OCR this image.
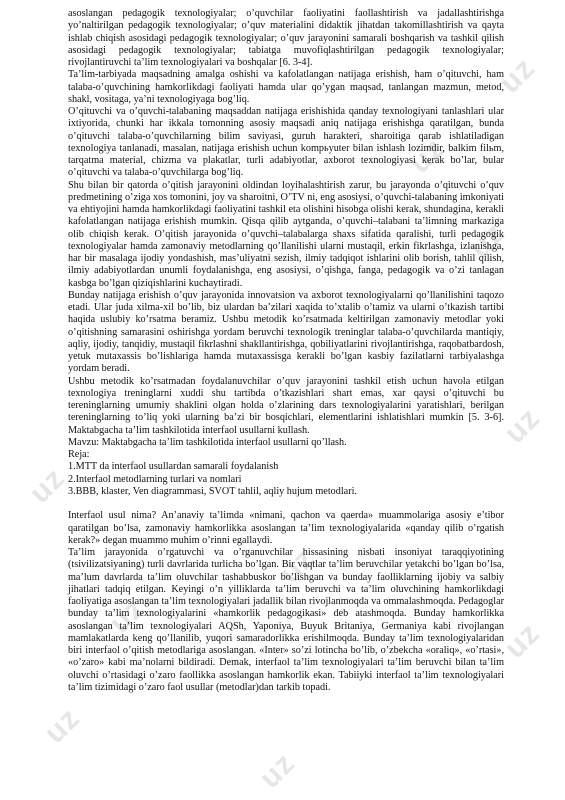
uz
uz
uz
uz
uz
uz
uz
uz
uz
uz

asoslangan pedagogik texnologiyalar; o’quvchilar faoliyatini faollashtirish va jadallashtirishga yo’naltirilgan pedagogik texnologiyalar; o’quv materialini didaktik jihatdan takomillashtirish va qayta ishlab chiqish asosidagi pedagogik texnologiyalar; o’quv jarayonini samarali boshqarish va tashkil qilish asosidagi pedagogik texnologiyalar; tabiatga muvofiqlashtirilgan pedagogik texnologiyalar; rivojlantiruvchi ta’lim texnologiyalari va boshqalar [6. 3-4].

Ta’lim-tarbiyada maqsadning amalga oshishi va kafolatlangan natijaga erishish, ham o’qituvchi, ham talaba-o’quvchining hamkorlikdagi faoliyati hamda ular qo’ygan maqsad, tanlangan mazmun, metod, shakl, vositaga, ya’ni texnologiyaga bog’liq.

O’qituvchi va o’quvchi-talabaning maqsaddan natijaga erishishida qanday texnologiyani tanlashlari ular ixtiyorida, chunki har ikkala tomonning asosiy maqsadi aniq natijaga erishishga qaratilgan, bunda o’qituvchi talaba-o’quvchilarning bilim saviyasi, guruh harakteri, sharoitiga qarab ishlatiladigan texnologiya tanlanadi, masalan, natijaga erishish uchun kompьyuter bilan ishlash lozimdir, balkim filьm, tarqatma material, chizma va plakatlar, turli adabiyotlar, axborot texnologiyasi kerak bo’lar, bular o’qituvchi va talaba-o’quvchilarga bog’liq.

Shu bilan bir qatorda o’qitish jarayonini oldindan loyihalashtirish zarur, bu jarayonda o’qituvchi o’quv predmetining o’ziga xos tomonini, joy va sharoitni, O’TV ni, eng asosiysi, o’quvchi-talabaning imkoniyati va ehtiyojini hamda hamkorlikdagi faoliyatini tashkil eta olishini hisobga olishi kerak, shundagina, keraklі kafolatlangan natijaga erishish mumkin. Qisqa qilib aytganda, o’quvchi–talabani ta’limning markaziga olib chiqish kerak. O’qitish jarayonida o’quvchi–talabalarga shaxs sifatida qaralishi, turli pedagogik texnologiyalar hamda zamonaviy metodlarning qo’llanilishi ularni mustaqil, erkin fikrlashga, izlanishga, har bir masalaga ijodiy yondashish, mas’uliyatni sezish, ilmiy tadqiqot ishlarini olib borish, tahlil qilish, ilmiy adabiyotlardan unumli foydalanishga, eng asosiysi, o’qishga, fanga, pedagogik va o’zi tanlagan kasbga bo’lgan qiziqishlarini kuchaytiradi.

Bunday natijaga erishish o’quv jarayonida innovatsion va axborot texnologiyalarni qo’llanilishini taqozo etadi. Ular juda xilma-xil bo’lib, biz ulardan ba’zilari xaqida to’xtalib o’tamiz va ularni o’tkazish tartibi haqida uslubiy ko’rsatma beramiz. Ushbu metodik ko’rsatmada keltirilgan zamonaviy metodlar yoki o’qitishning samarasini oshirishga yordam beruvchi texnologik treninglar talaba-o’quvchilarda mantiqiy, aqliy, ijodiy, tanqidiy, mustaqil fikrlashni shakllantirishga, qobiliyatlarini rivojlantirishga, raqobatbardosh, yetuk mutaxassis bo’lishlariga hamda mutaxassisga kerakli bo’lgan kasbiy fazilatlarni tarbiyalashga yordam beradi.

Ushbu metodik ko’rsatmadan foydalanuvchilar o’quv jarayonini tashkil etish uchun havola etilgan texnologiya treninglarni xuddi shu tartibda o’tkazishlari shart emas, xar qaysi o’qituvchi bu tereninglarning umumiy shaklini olgan holda o’zlarining dars texnologiyalarini yaratishlari, berilgan tereninglarning to’liq yoki ularning ba’zi bir bosqichlari, elementlarini ishlatishlari mumkin [5. 3-6]. Maktabgacha ta’lim tashkilotida interfaol usullarni kullash.

Mavzu: Maktabgacha ta’lim tashkilotida interfaol usullarni qo’llash.

Reja:

1.MTT da interfaol usullardan samarali foydalanish

2.Interfaol metodlarning turlari va nomlari

3.BBB, klaster, Ven diagrammasi, SVOT tahlil, aqliy hujum metodlari.

Interfaol usul nima? An’anaviy ta’limda «nimani, qachon va qaerda» muammolariga asosiy e’tibor qaratilgan bo’lsa, zamonaviy hamkorlikka asoslangan ta’lim texnologiyalarida «qanday qilib o’rgatish kerak?» degan muammo muhim o’rinni egallaydi.

Ta’lim jarayonida o’rgatuvchi va o’rganuvchilar hissasining nisbati insoniyat taraqqiyotining (tsivilizatsiyaning) turli davrlarida turlicha bo’lgan. Bir vaqtlar ta’lim beruvchilar yetakchi bo’lgan bo’lsa, ma’lum davrlarda ta’lim oluvchilar tashabbuskor bo’lishgan va bunday faolliklarning ijobiy va salbiy jihatlari tadqiq etilgan. Keyingi o’n yilliklarda ta’lim beruvchi va ta’lim oluvchining hamkorlikdagi faoliyatiga asoslangan ta’lim texnologiyalari jadallik bilan rivojlanmoqda va ommalashmoqda. Pedagoglar bunday ta’lim texnologiyalarini «hamkorlik pedagogikasi» deb atashmoqda. Bunday hamkorlikka asoslangan ta’lim texnologiyalari AQSh, Yaponiya, Buyuk Britaniya, Germaniya kabi rivojlangan mamlakatlarda keng qo’llanilib, yuqori samaradorlikka erishilmoqda. Bunday ta’lim texnologiyalaridan biri interfaol o’qitish metodlariga asoslangan. «Inter» so’zi lotincha bo’lib, o’zbekcha «oraliq», «o’rtasi», «o’zaro» kabi ma’nolarni bildiradi. Demak, interfaol ta’lim texnologiyalari ta’lim beruvchi bilan ta’lim oluvchi o’rtasidagi o’zaro faollikka asoslangan hamkorlik ekan. Tabiiyki interfaol ta’lim texnologiyalari ta’lim tizimidagi o’zaro faol usullar (metodlar)dan tarkib topadi.
